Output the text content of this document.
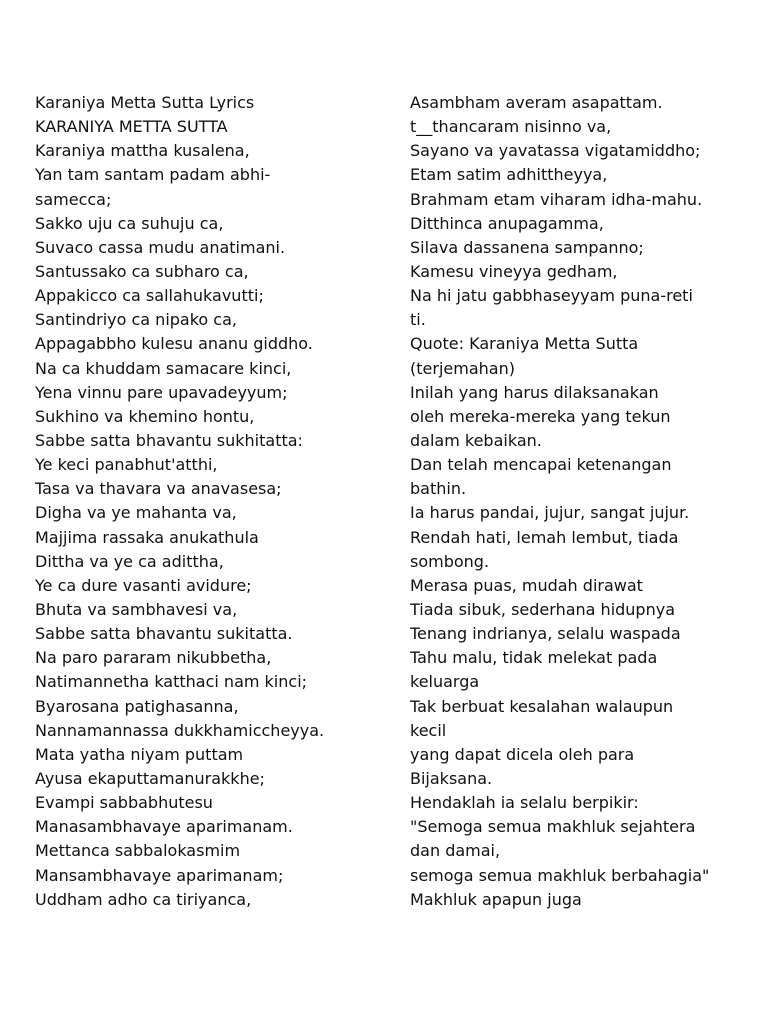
Karaniya Metta Sutta Lyrics
KARANIYA METTA SUTTA
Karaniya mattha kusalena,
Yan tam santam padam abhi-
samecca;
Sakko uju ca suhuju ca,
Suvaco cassa mudu anatimani.
Santussako ca subharo ca,
Appakicco ca sallahukavutti;
Santindriyo ca nipako ca,
Appagabbho kulesu ananu giddho.
Na ca khuddam samacare kinci,
Yena vinnu pare upavadeyyum;
Sukhino va khemino hontu,
Sabbe satta bhavantu sukhitatta:
Ye keci panabhut'atthi,
Tasa va thavara va anavasesa;
Digha va ye mahanta va,
Majjima rassaka anukathula
Dittha va ye ca adittha,
Ye ca dure vasanti avidure;
Bhuta va sambhavesi va,
Sabbe satta bhavantu sukitatta.
Na paro pararam nikubbetha,
Natimannetha katthaci nam kinci;
Byarosana patighasanna,
Nannamannassa dukkhamiccheyya.
Mata yatha niyam puttam
Ayusa ekaputtamanurakkhe;
Evampi sabbabhutesu
Manasambhavaye aparimanam.
Mettanca sabbalokasmim
Mansambhavaye aparimanam;
Uddham adho ca tiriyanca,
Asambham averam asapattam.
t__thancaram nisinno va,
Sayano va yavatassa vigatamiddho;
Etam satim adhittheyya,
Brahmam etam viharam idha-mahu.
Ditthinca anupagamma,
Silava dassanena sampanno;
Kamesu vineyya gedham,
Na hi jatu gabbhaseyyam puna-reti
ti.
Quote: Karaniya Metta Sutta
(terjemahan)
Inilah yang harus dilaksanakan
oleh mereka-mereka yang tekun
dalam kebaikan.
Dan telah mencapai ketenangan
bathin.
Ia harus pandai, jujur, sangat jujur.
Rendah hati, lemah lembut, tiada
sombong.
Merasa puas, mudah dirawat
Tiada sibuk, sederhana hidupnya
Tenang indrianya, selalu waspada
Tahu malu, tidak melekat pada
keluarga
Tak berbuat kesalahan walaupun
kecil
yang dapat dicela oleh para
Bijaksana.
Hendaklah ia selalu berpikir:
"Semoga semua makhluk sejahtera
dan damai,
semoga semua makhluk berbahagia"
Makhluk apapun juga
